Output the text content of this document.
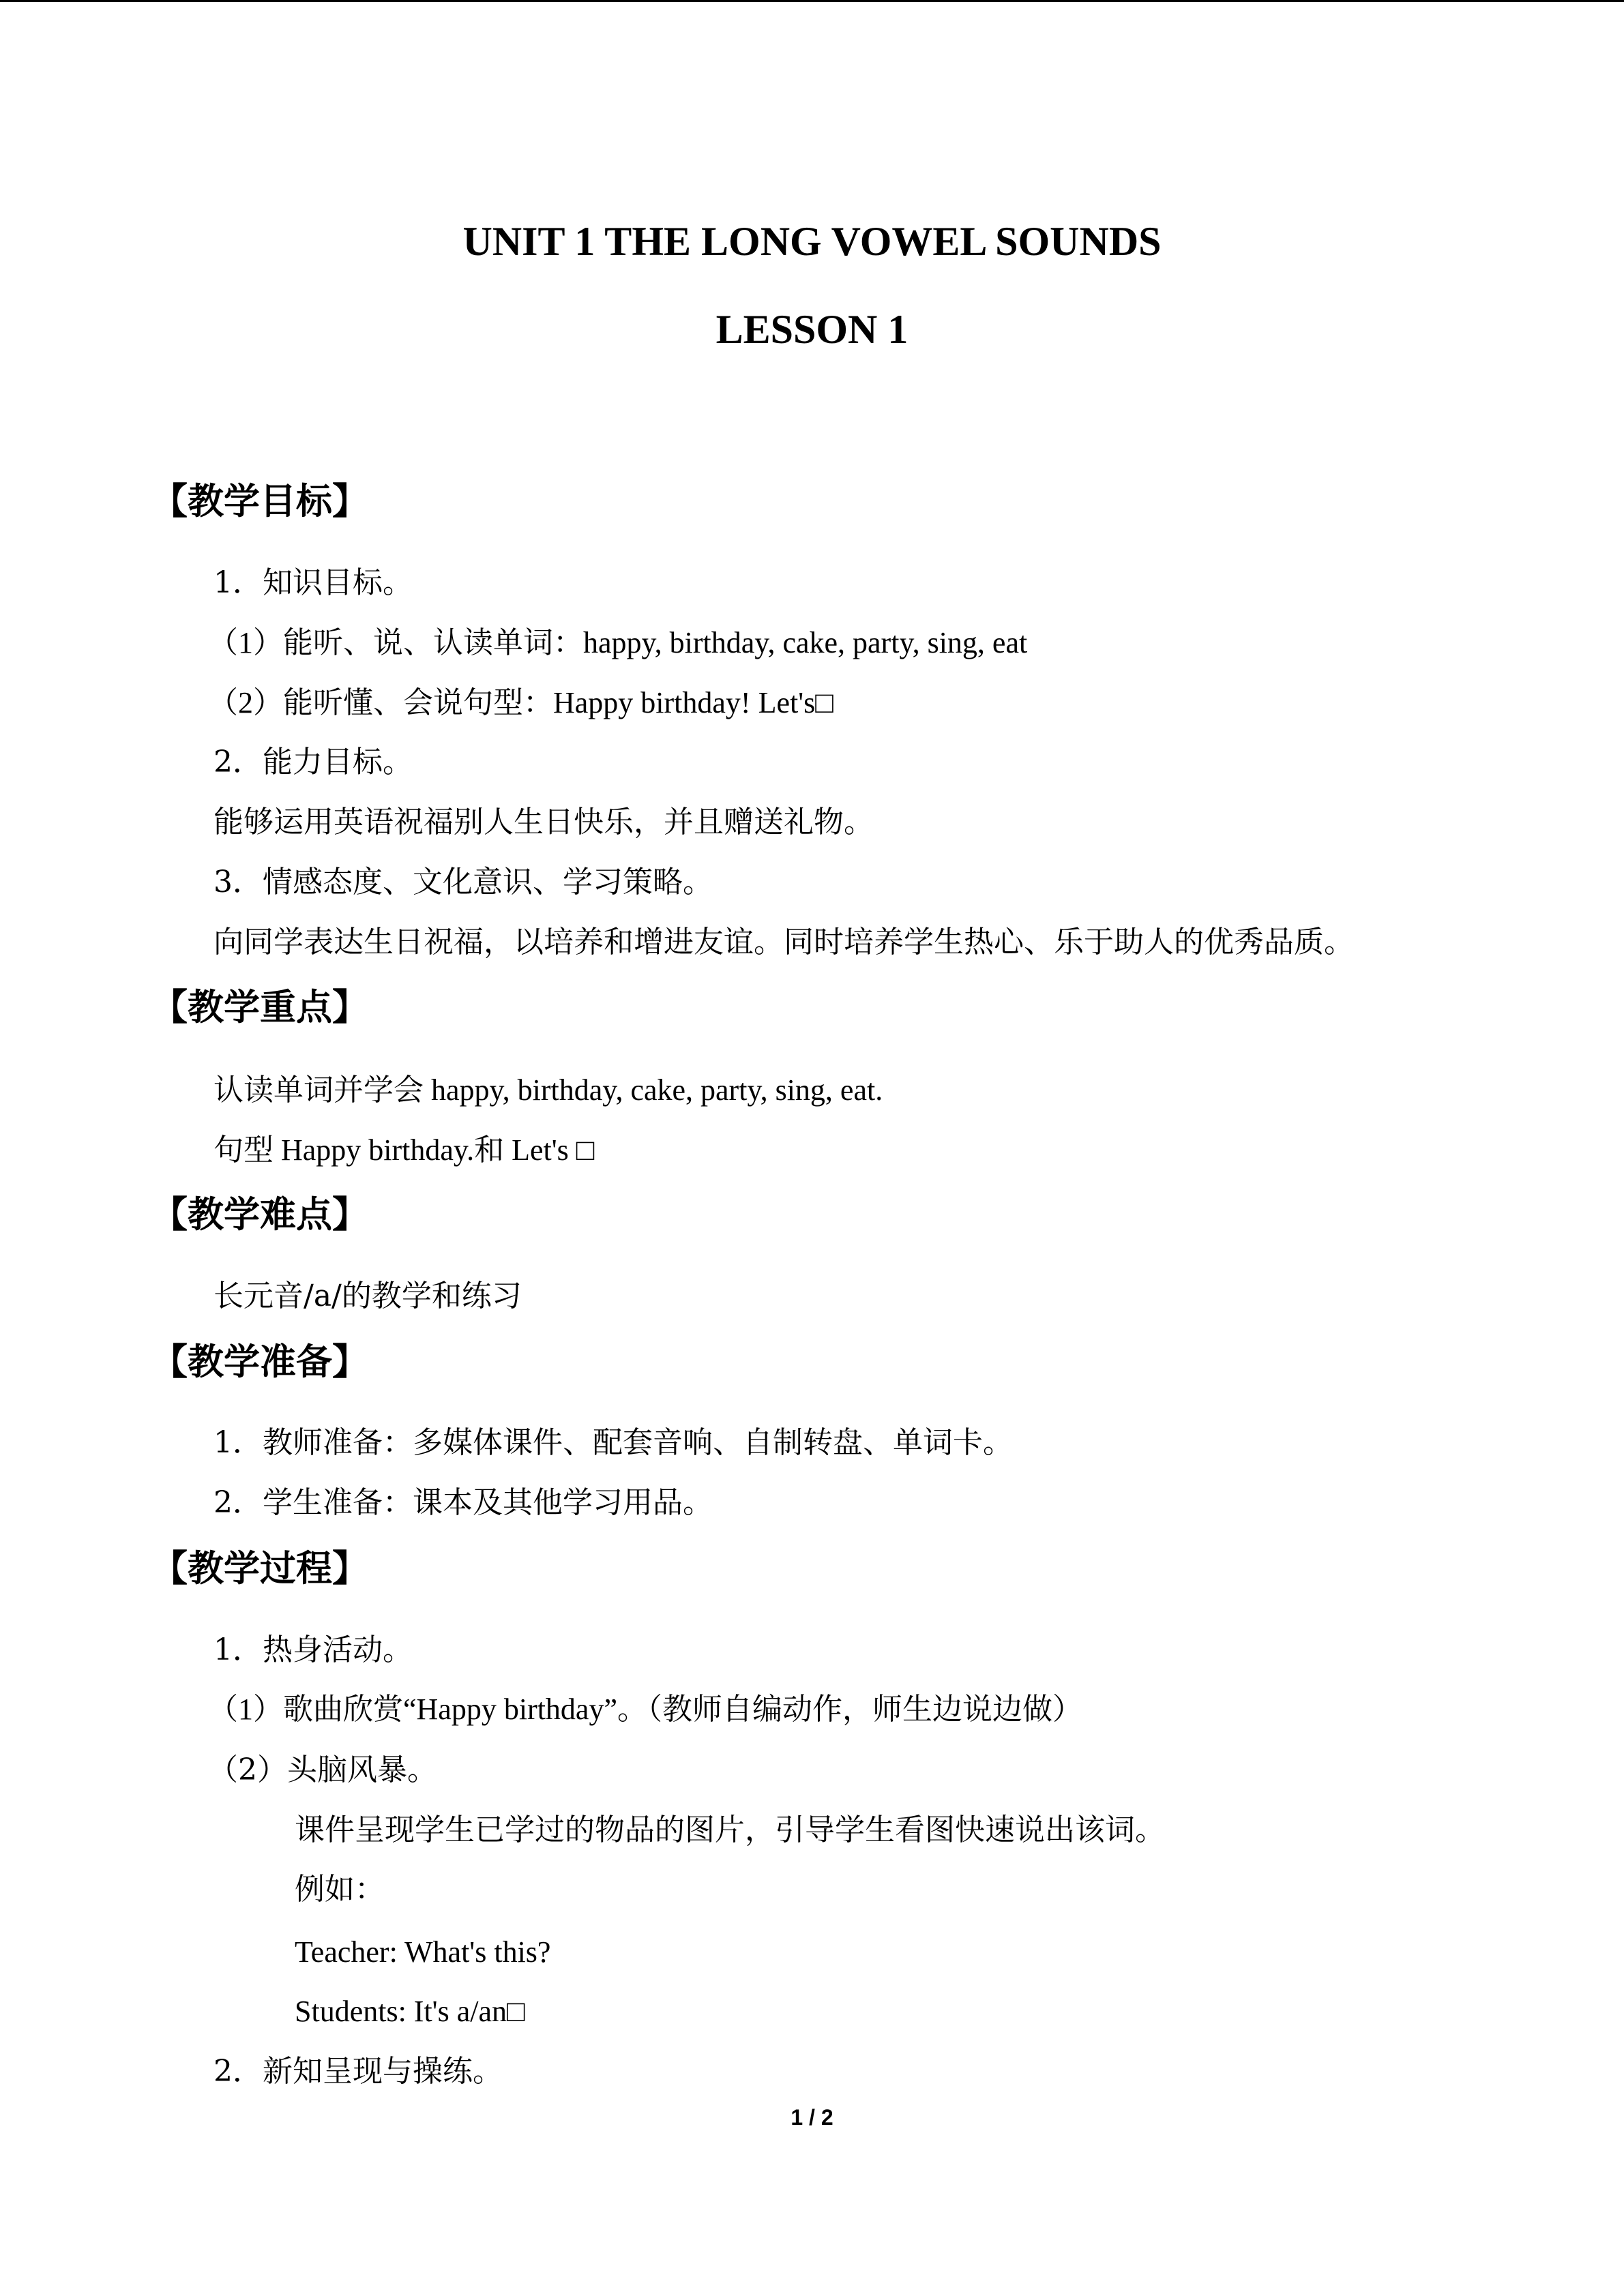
UNIT 1 THE LONG VOWEL SOUNDS
LESSON 1
【教学目标】
1．知识目标。
（1）能听、说、认读单词：happy, birthday, cake, party, sing, eat
（2）能听懂、会说句型：Happy birthday! Let's□
2．能力目标。
能够运用英语祝福别人生日快乐，并且赠送礼物。
3．情感态度、文化意识、学习策略。
向同学表达生日祝福，以培养和增进友谊。同时培养学生热心、乐于助人的优秀品质。
【教学重点】
认读单词并学会 happy, birthday, cake, party, sing, eat.
句型 Happy birthday.和 Let's □
【教学难点】
长元音/a/的教学和练习
【教学准备】
1．教师准备：多媒体课件、配套音响、自制转盘、单词卡。
2．学生准备：课本及其他学习用品。
【教学过程】
1．热身活动。
（1）歌曲欣赏“Happy birthday”。（教师自编动作，师生边说边做）
（2）头脑风暴。
课件呈现学生已学过的物品的图片，引导学生看图快速说出该词。
例如：
Teacher: What's this?
Students: It's a/an□
2．新知呈现与操练。
1 / 2
